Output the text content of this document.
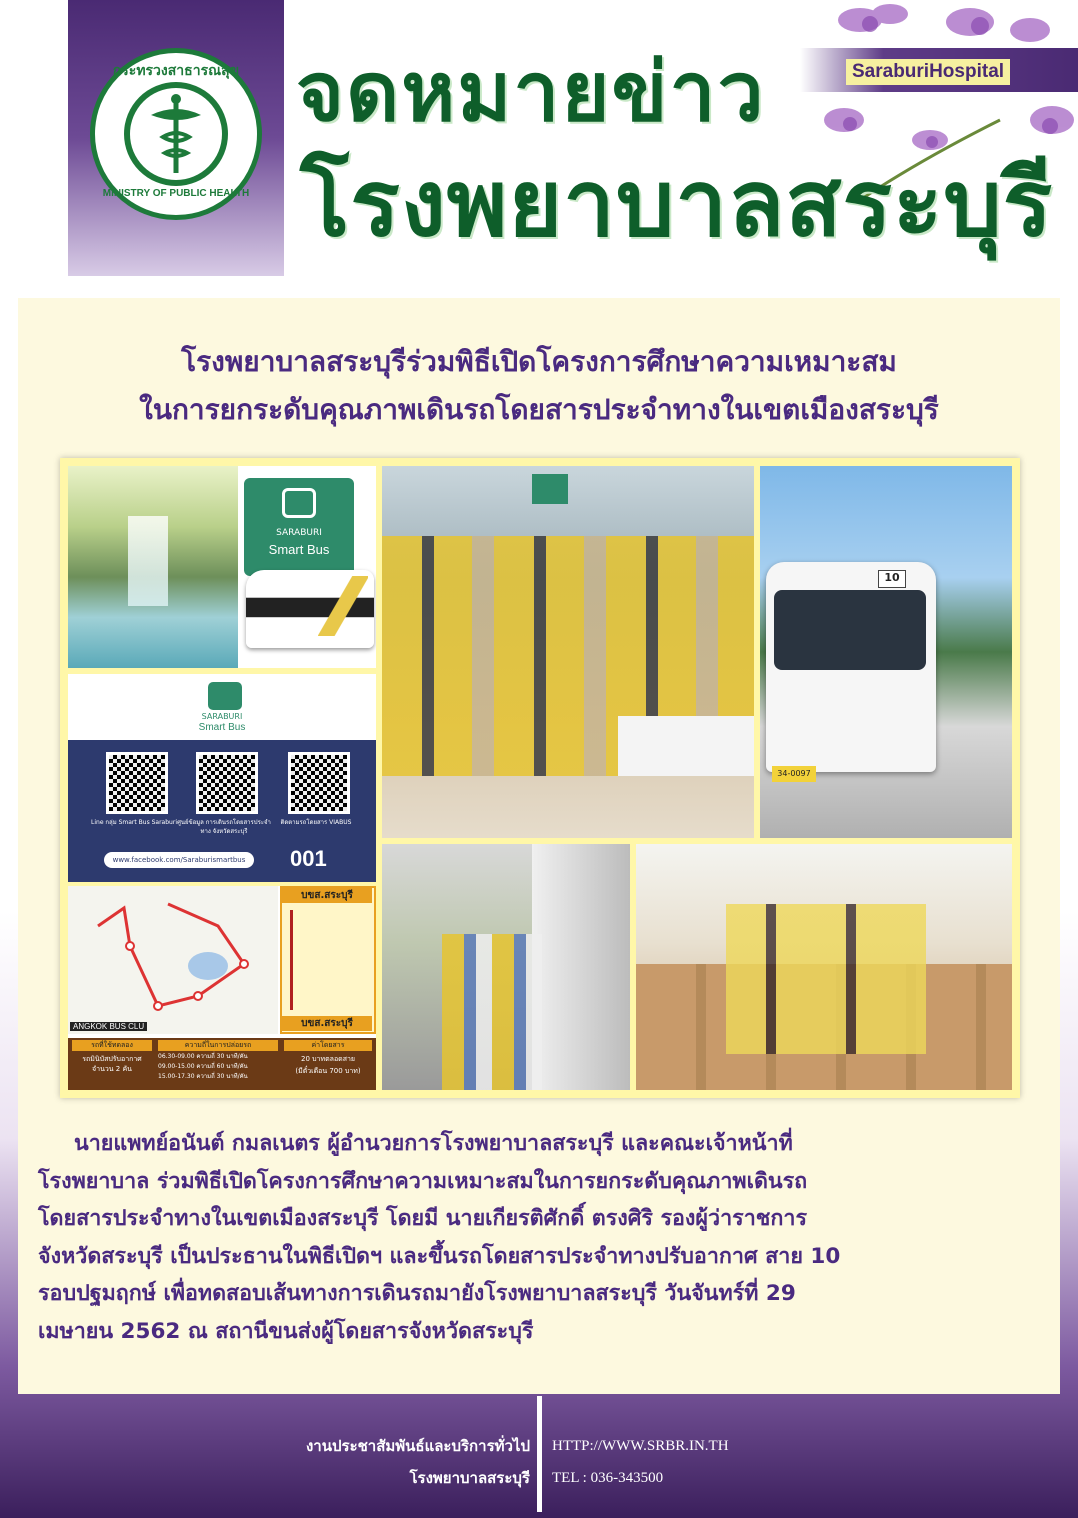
กระทรวงสาธารณสุข
MINISTRY OF PUBLIC HEALTH
SaraburiHospital
จดหมายข่าว
โรงพยาบาลสระบุรี
โรงพยาบาลสระบุรีร่วมพิธีเปิดโครงการศึกษาความเหมาะสม
ในการยกระดับคุณภาพเดินรถโดยสารประจำทางในเขตเมืองสระบุรี
SARABURI
Smart Bus
SARABURI
Smart Bus
Line กลุ่ม Smart Bus Saraburi ศูนย์ข้อมูล การเดินรถโดยสารประจำทาง จังหวัดสระบุรี
ติดตามรถโดยสาร VIABUS
www.facebook.com/Saraburismartbus	001
ANGKOK BUS CLU
บขส.สระบุรี
บขส.สระบุรี
รถที่ใช้ทดลอง
รถมินิบัสปรับอากาศ จำนวน 2 คัน
ความถี่ในการปล่อยรถ
06.30-09.00 ความถี่ 30 นาที/คัน
09.00-15.00 ความถี่ 60 นาที/คัน
15.00-17.30 ความถี่ 30 นาที/คัน
ค่าโดยสาร
20 บาทตลอดสาย
(มีตั๋วเดือน 700 บาท)
10
34-0097
นายแพทย์อนันต์ กมลเนตร ผู้อำนวยการโรงพยาบาลสระบุรี และคณะเจ้าหน้าที่
โรงพยาบาล ร่วมพิธีเปิดโครงการศึกษาความเหมาะสมในการยกระดับคุณภาพเดินรถ
โดยสารประจำทางในเขตเมืองสระบุรี โดยมี นายเกียรติศักดิ์ ตรงศิริ รองผู้ว่าราชการ
จังหวัดสระบุรี เป็นประธานในพิธีเปิดฯ และขึ้นรถโดยสารประจำทางปรับอากาศ สาย 10
รอบปฐมฤกษ์ เพื่อทดสอบเส้นทางการเดินรถมายังโรงพยาบาลสระบุรี วันจันทร์ที่ 29
เมษายน 2562 ณ สถานีขนส่งผู้โดยสารจังหวัดสระบุรี
งานประชาสัมพันธ์และบริการทั่วไป
โรงพยาบาลสระบุรี
HTTP://WWW.SRBR.IN.TH
TEL : 036-343500
